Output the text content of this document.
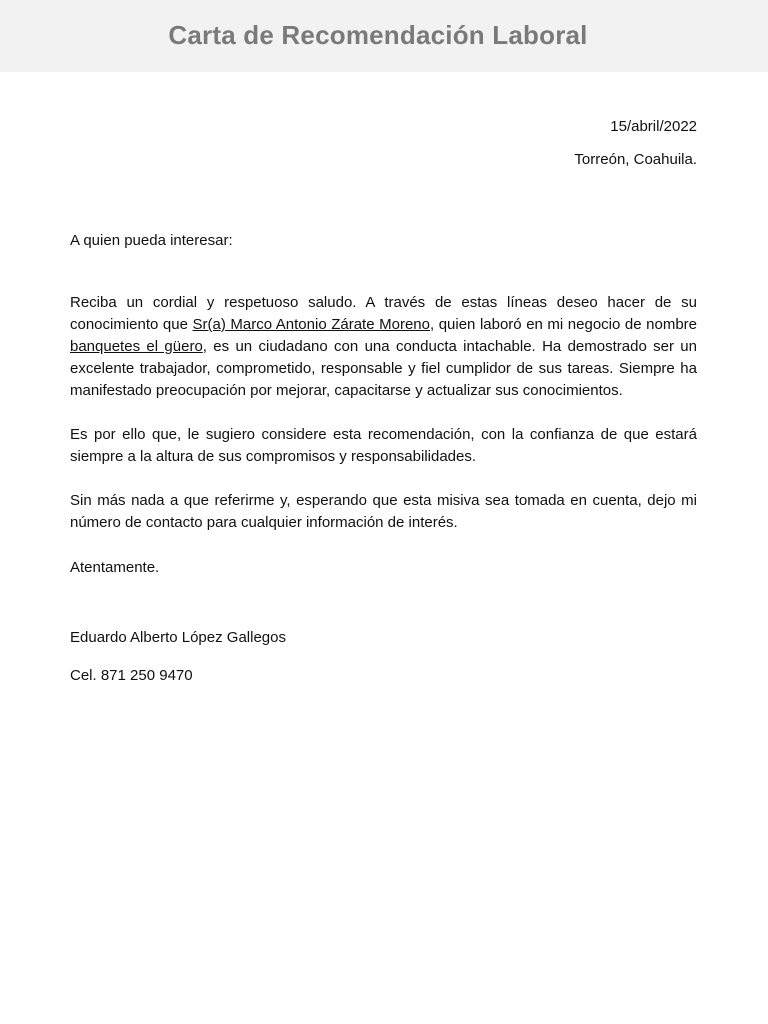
Carta de Recomendación Laboral
15/abril/2022
Torreón, Coahuila.
A quien pueda interesar:

Reciba un cordial y respetuoso saludo. A través de estas líneas deseo hacer de su conocimiento que Sr(a) Marco Antonio Zárate Moreno, quien laboró en mi negocio de nombre banquetes el güero, es un ciudadano con una conducta intachable. Ha demostrado ser un excelente trabajador, comprometido, responsable y fiel cumplidor de sus tareas. Siempre ha manifestado preocupación por mejorar, capacitarse y actualizar sus conocimientos.

Es por ello que, le sugiero considere esta recomendación, con la confianza de que estará siempre a la altura de sus compromisos y responsabilidades.

Sin más nada a que referirme y, esperando que esta misiva sea tomada en cuenta, dejo mi número de contacto para cualquier información de interés.

Atentamente.
Eduardo Alberto López Gallegos
Cel. 871 250 9470
